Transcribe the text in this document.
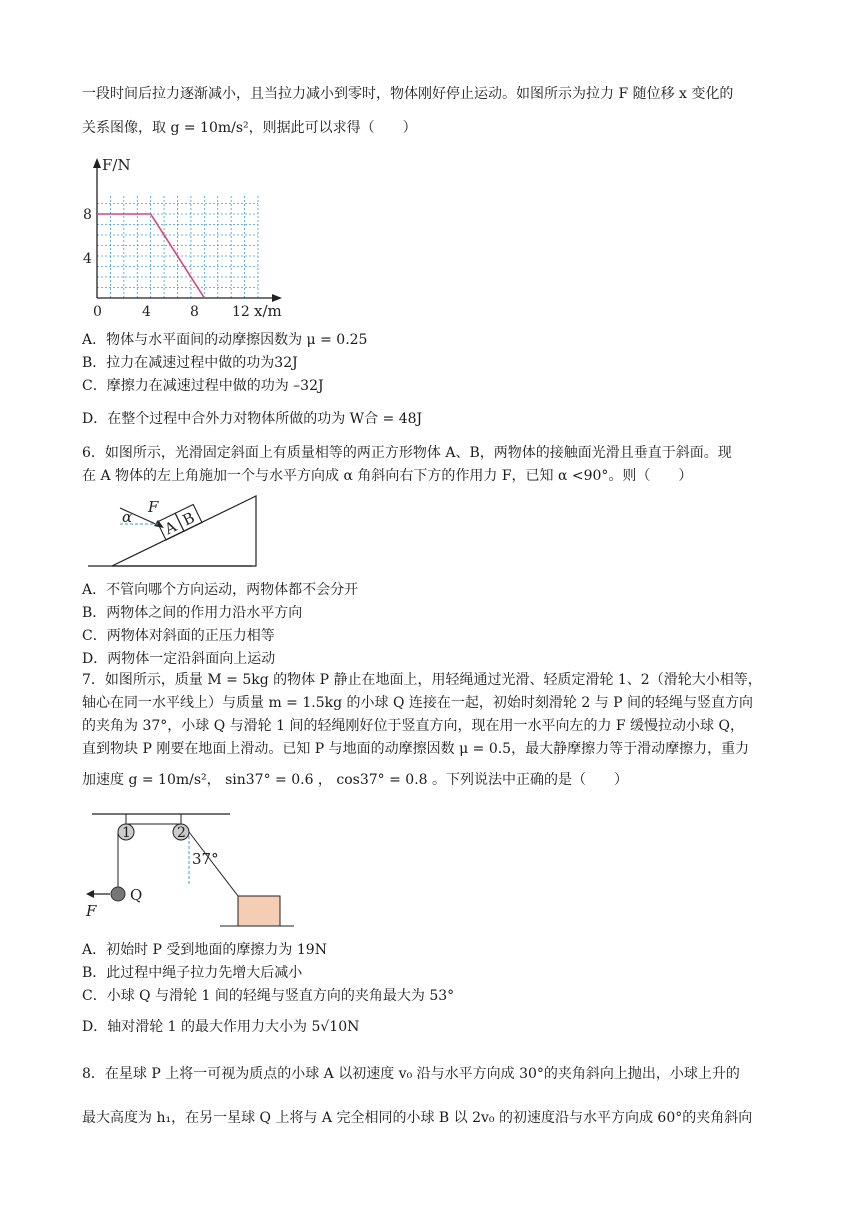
一段时间后拉力逐渐减小，且当拉力减小到零时，物体刚好停止运动。如图所示为拉力 F 随位移 x 变化的
关系图像，取 g = 10m/s²，则据此可以求得（　　）
F/N
x/m
0	4	8 12
4
8
A．物体与水平面间的动摩擦因数为 μ = 0.25
B．拉力在减速过程中做的功为32J
C．摩擦力在减速过程中做的功为 –32J
D．在整个过程中合外力对物体所做的功为 W合 = 48J
6．如图所示，光滑固定斜面上有质量相等的两正方形物体 A、B，两物体的接触面光滑且垂直于斜面。现
在 A 物体的左上角施加一个与水平方向成 α 角斜向右下方的作用力 F，已知 α <90°。则（　　）
A B
F
α
A．不管向哪个方向运动，两物体都不会分开
B．两物体之间的作用力沿水平方向
C．两物体对斜面的正压力相等
D．两物体一定沿斜面向上运动
7．如图所示，质量 M = 5kg 的物体 P 静止在地面上，用轻绳通过光滑、轻质定滑轮 1、2（滑轮大小相等，
轴心在同一水平线上）与质量 m = 1.5kg 的小球 Q 连接在一起，初始时刻滑轮 2 与 P 间的轻绳与竖直方向
的夹角为 37°，小球 Q 与滑轮 1 间的轻绳刚好位于竖直方向，现在用一水平向左的力 F 缓慢拉动小球 Q，
直到物块 P 刚要在地面上滑动。已知 P 与地面的动摩擦因数 μ = 0.5，最大静摩擦力等于滑动摩擦力，重力
加速度 g = 10m/s²， sin37° = 0.6 ， cos37° = 0.8 。下列说法中正确的是（　　）
1	2
37°
Q
F
A．初始时 P 受到地面的摩擦力为 19N
B．此过程中绳子拉力先增大后减小
C．小球 Q 与滑轮 1 间的轻绳与竖直方向的夹角最大为 53°
D．轴对滑轮 1 的最大作用力大小为 5√10N
8．在星球 P 上将一可视为质点的小球 A 以初速度 v₀ 沿与水平方向成 30°的夹角斜向上抛出，小球上升的
最大高度为 h₁，在另一星球 Q 上将与 A 完全相同的小球 B 以 2v₀ 的初速度沿与水平方向成 60°的夹角斜向
